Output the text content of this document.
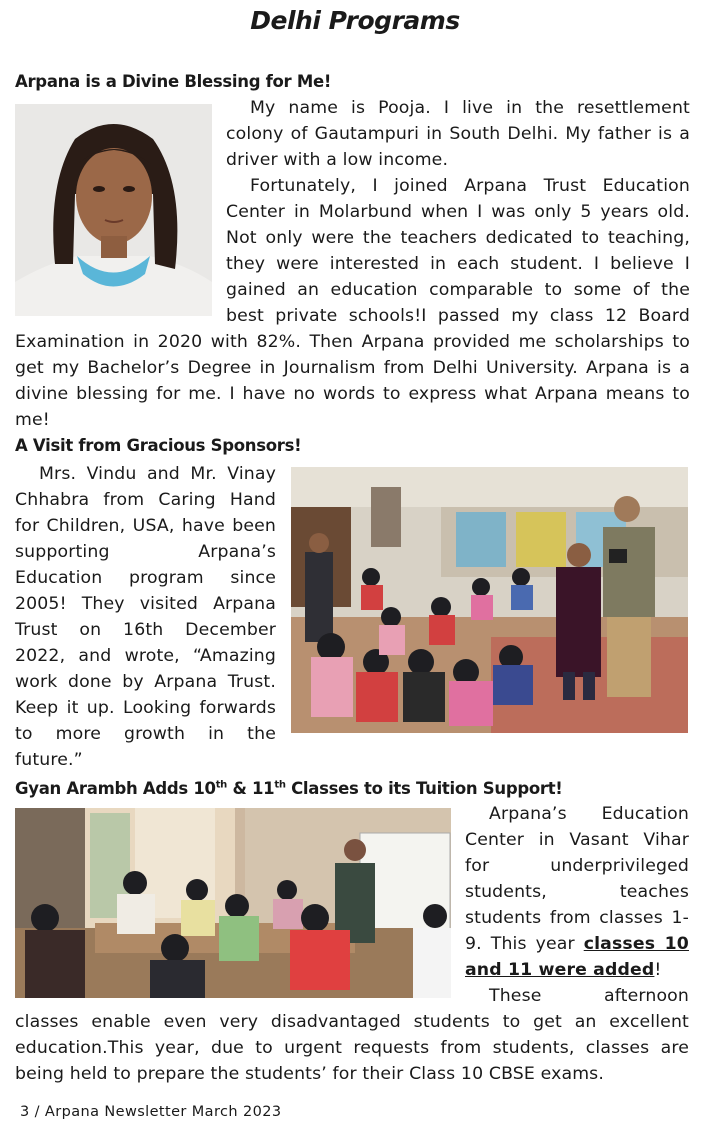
Delhi Programs
Arpana is a Divine Blessing for Me!

My name is Pooja. I live in the resettlement colony of Gautampuri in South Delhi. My father is a driver with a low income.

Fortunately, I joined Arpana Trust Education Center in Molarbund when I was only 5 years old. Not only were the teachers dedicated to teaching, they were interested in each student. I believe I gained an education comparable to some of the best private schools!I passed my class 12 Board Examination in 2020 with 82%. Then Arpana provided me scholarships to get my Bachelor’s Degree in Journalism from Delhi University. Arpana is a divine blessing for me. I have no words to express what Arpana means to me!

A Visit from Gracious Sponsors!

Mrs. Vindu and Mr. Vinay Chhabra from Caring Hand for Children, USA, have been supporting Arpana’s Education program since 2005! They visited Arpana Trust on 16th December 2022, and wrote, “Amazing work done by Arpana Trust. Keep it up. Looking forwards to more growth in the future.”

Gyan Arambh Adds 10th & 11th Classes to its Tuition Support!

Arpana’s Education Center in Vasant Vihar for underprivileged students, teaches students from classes 1-9. This year classes 10 and 11 were added!

These afternoon classes enable even very disadvantaged students to get an excellent education.This year, due to urgent requests from students, classes are being held to prepare the students’ for their Class 10 CBSE exams.

3 / Arpana Newsletter March 2023
